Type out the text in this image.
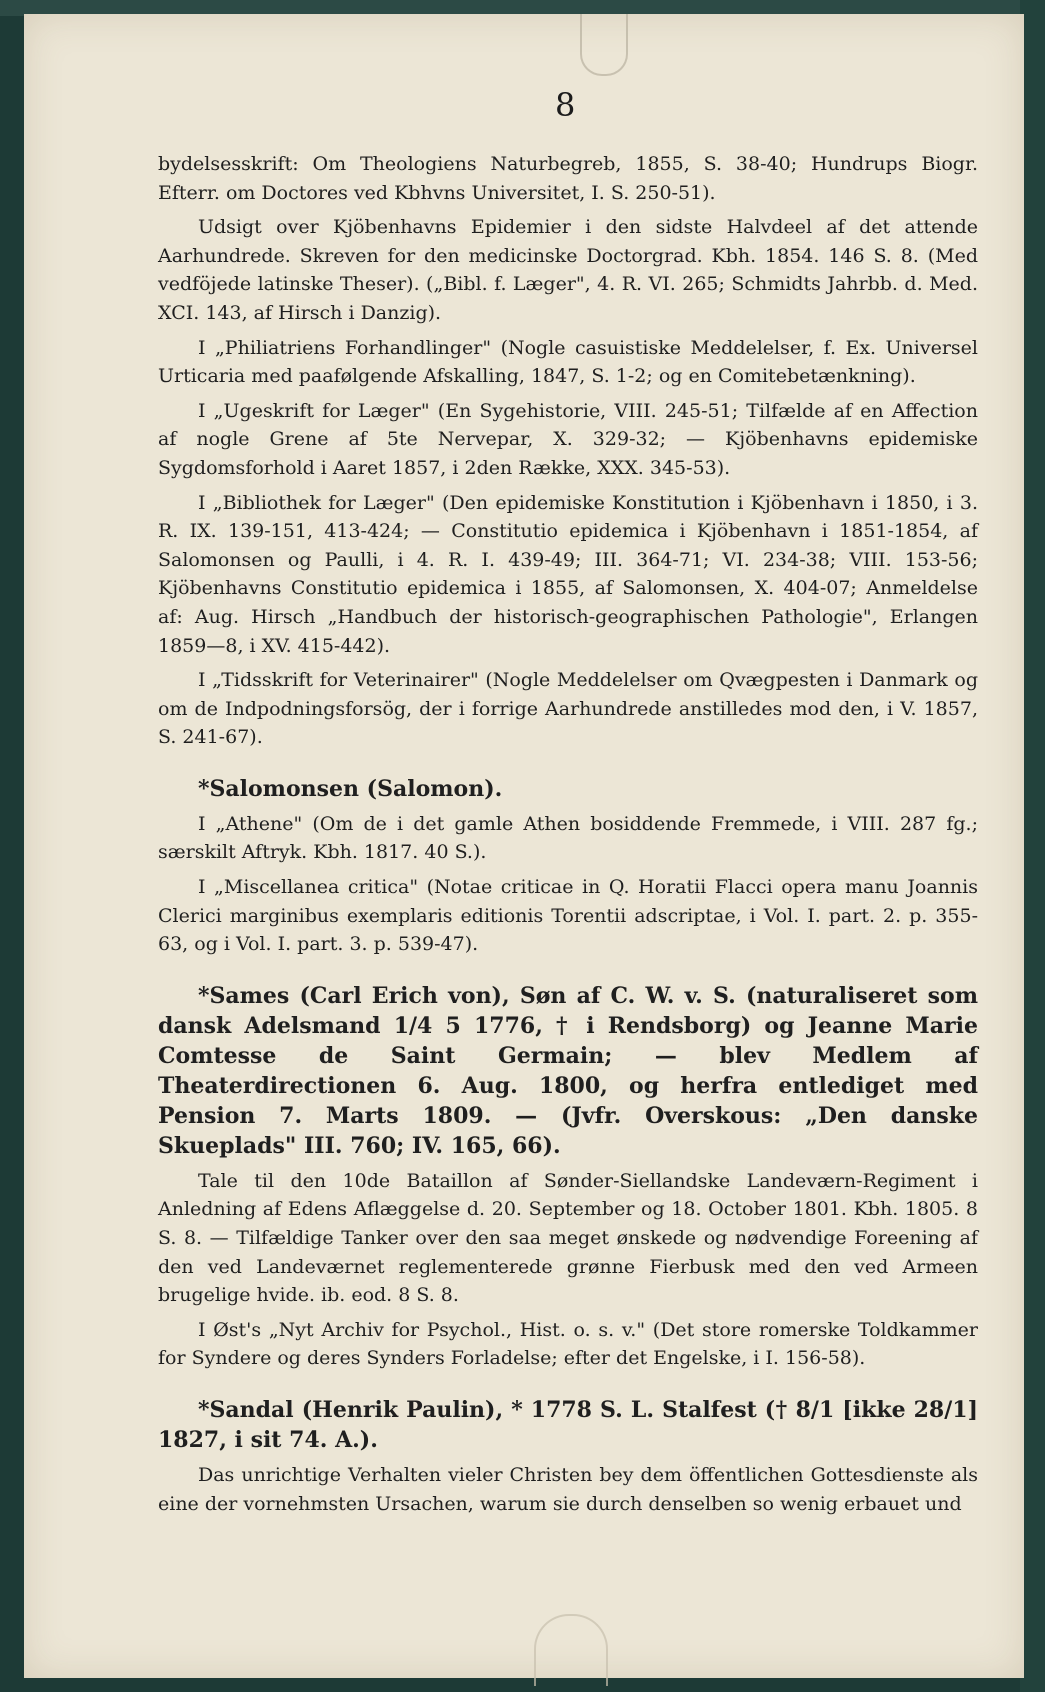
8

bydelsesskrift: Om Theologiens Naturbegreb, 1855, S. 38-40; Hundrups Biogr. Efterr. om Doctores ved Kbhvns Universitet, I. S. 250-51).

Udsigt over Kjöbenhavns Epidemier i den sidste Halvdeel af det attende Aarhundrede. Skreven for den medicinske Doctorgrad. Kbh. 1854. 146 S. 8. (Med vedföjede latinske Theser). („Bibl. f. Læger", 4. R. VI. 265; Schmidts Jahrbb. d. Med. XCI. 143, af Hirsch i Danzig).

I „Philiatriens Forhandlinger" (Nogle casuistiske Meddelelser, f. Ex. Universel Urticaria med paafølgende Afskalling, 1847, S. 1-2; og en Comitebetænkning).

I „Ugeskrift for Læger" (En Sygehistorie, VIII. 245-51; Tilfælde af en Affection af nogle Grene af 5te Nervepar, X. 329-32; — Kjöbenhavns epidemiske Sygdomsforhold i Aaret 1857, i 2den Række, XXX. 345-53).

I „Bibliothek for Læger" (Den epidemiske Konstitution i Kjöbenhavn i 1850, i 3. R. IX. 139-151, 413-424; — Constitutio epidemica i Kjöbenhavn i 1851-1854, af Salomonsen og Paulli, i 4. R. I. 439-49; III. 364-71; VI. 234-38; VIII. 153-56; Kjöbenhavns Constitutio epidemica i 1855, af Salomonsen, X. 404-07; Anmeldelse af: Aug. Hirsch „Handbuch der historisch-geographischen Pathologie", Erlangen 1859—8, i XV. 415-442).

I „Tidsskrift for Veterinairer" (Nogle Meddelelser om Qvægpesten i Danmark og om de Indpodningsforsög, der i forrige Aarhundrede anstilledes mod den, i V. 1857, S. 241-67).

*Salomonsen (Salomon).

I „Athene" (Om de i det gamle Athen bosiddende Fremmede, i VIII. 287 fg.; særskilt Aftryk. Kbh. 1817. 40 S.).

I „Miscellanea critica" (Notae criticae in Q. Horatii Flacci opera manu Joannis Clerici marginibus exemplaris editionis Torentii adscriptae, i Vol. I. part. 2. p. 355-63, og i Vol. I. part. 3. p. 539-47).

*Sames (Carl Erich von), Søn af C. W. v. S. (naturaliseret som dansk Adelsmand 1/4 5 1776, † i Rendsborg) og Jeanne Marie Comtesse de Saint Germain; — blev Medlem af Theaterdirectionen 6. Aug. 1800, og herfra entlediget med Pension 7. Marts 1809. — (Jvfr. Overskous: „Den danske Skueplads" III. 760; IV. 165, 66).

Tale til den 10de Bataillon af Sønder-Siellandske Landeværn-Regiment i Anledning af Edens Aflæggelse d. 20. September og 18. October 1801. Kbh. 1805. 8 S. 8. — Tilfældige Tanker over den saa meget ønskede og nødvendige Foreening af den ved Landeværnet reglementerede grønne Fierbusk med den ved Armeen brugelige hvide. ib. eod. 8 S. 8.

I Øst's „Nyt Archiv for Psychol., Hist. o. s. v." (Det store romerske Toldkammer for Syndere og deres Synders Forladelse; efter det Engelske, i I. 156-58).

*Sandal (Henrik Paulin), * 1778 S. L. Stalfest († 8/1 [ikke 28/1] 1827, i sit 74. A.).

Das unrichtige Verhalten vieler Christen bey dem öffentlichen Gottesdienste als eine der vornehmsten Ursachen, warum sie durch denselben so wenig erbauet und
